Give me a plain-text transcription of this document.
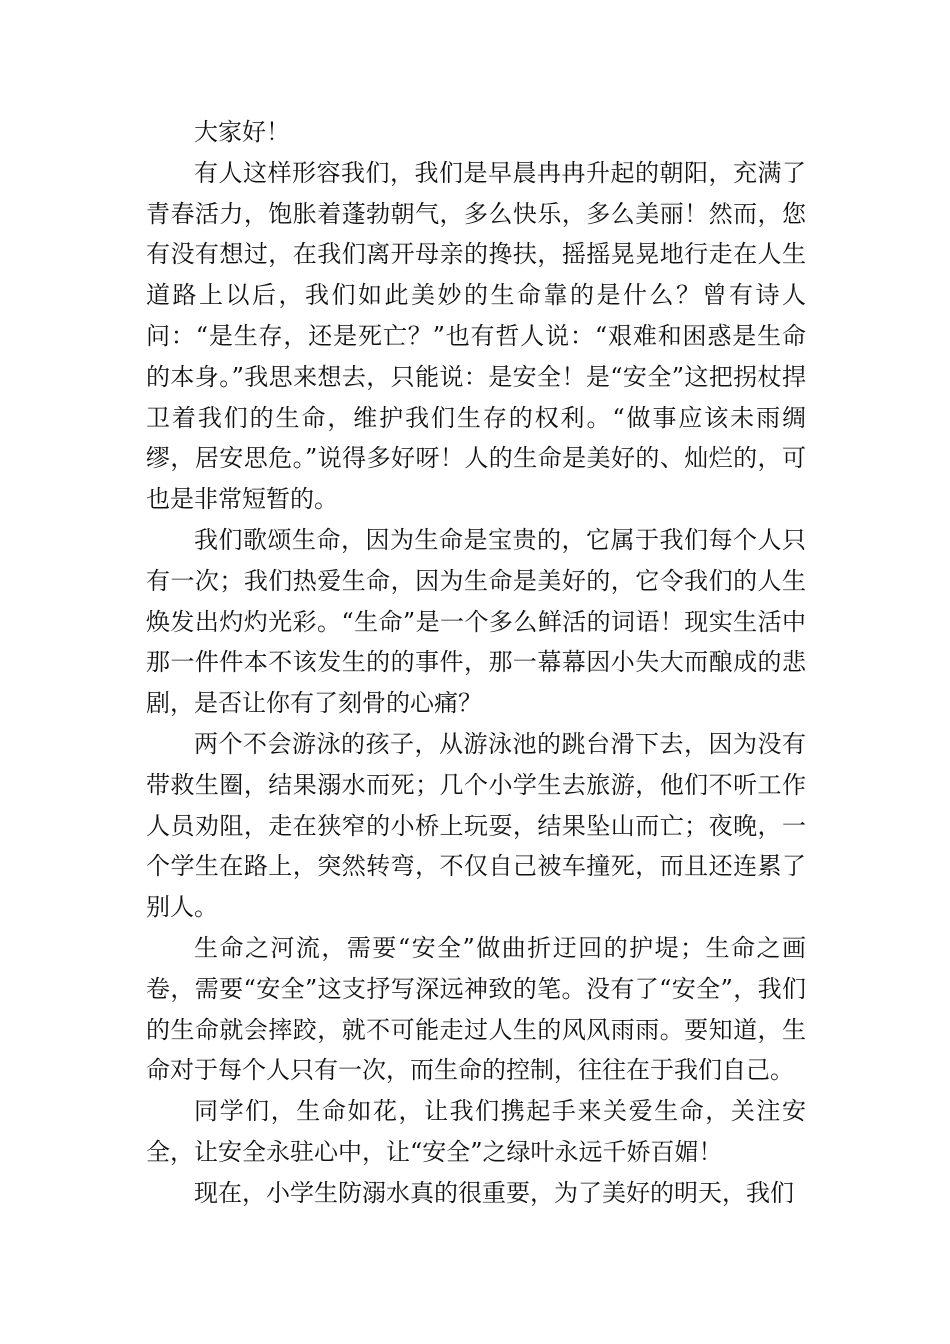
大家好！

有人这样形容我们，我们是早晨冉冉升起的朝阳，充满了青春活力，饱胀着蓬勃朝气，多么快乐，多么美丽！然而，您有没有想过，在我们离开母亲的搀扶，摇摇晃晃地行走在人生道路上以后，我们如此美妙的生命靠的是什么？曾有诗人问：“是生存，还是死亡？”也有哲人说：“艰难和困惑是生命的本身。”我思来想去，只能说：是安全！是“安全”这把拐杖捍卫着我们的生命，维护我们生存的权利。“做事应该未雨绸缪，居安思危。”说得多好呀！人的生命是美好的、灿烂的，可也是非常短暂的。

我们歌颂生命，因为生命是宝贵的，它属于我们每个人只有一次；我们热爱生命，因为生命是美好的，它令我们的人生焕发出灼灼光彩。“生命”是一个多么鲜活的词语！现实生活中那一件件本不该发生的的事件，那一幕幕因小失大而酿成的悲剧，是否让你有了刻骨的心痛？

两个不会游泳的孩子，从游泳池的跳台滑下去，因为没有带救生圈，结果溺水而死；几个小学生去旅游，他们不听工作人员劝阻，走在狭窄的小桥上玩耍，结果坠山而亡；夜晚，一个学生在路上，突然转弯，不仅自己被车撞死，而且还连累了别人。

生命之河流，需要“安全”做曲折迂回的护堤；生命之画卷，需要“安全”这支抒写深远神致的笔。没有了“安全”，我们的生命就会摔跤，就不可能走过人生的风风雨雨。要知道，生命对于每个人只有一次，而生命的控制，往往在于我们自己。

同学们，生命如花，让我们携起手来关爱生命，关注安全，让安全永驻心中，让“安全”之绿叶永远千娇百媚！

现在，小学生防溺水真的很重要，为了美好的明天，我们
